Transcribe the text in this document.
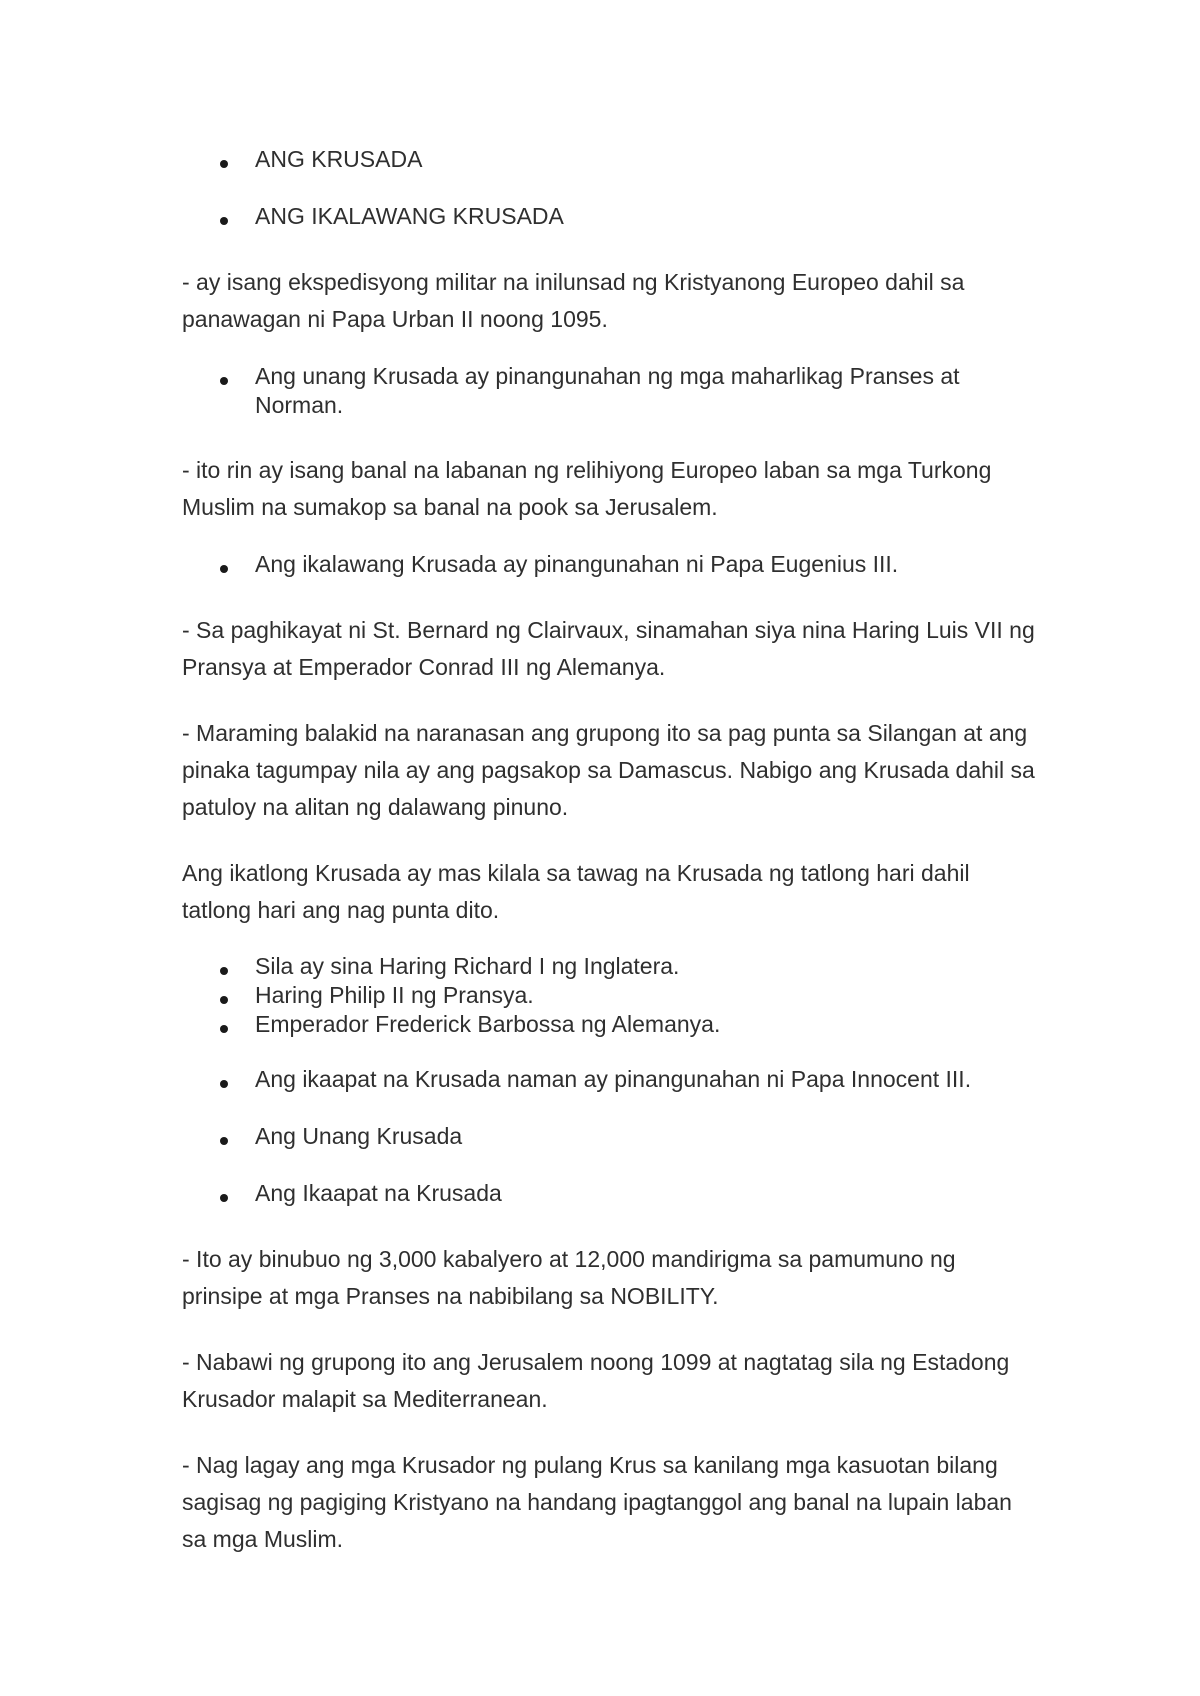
ANG KRUSADA
ANG IKALAWANG KRUSADA

- ay isang ekspedisyong militar na inilunsad ng Kristyanong Europeo dahil sa panawagan ni Papa Urban II noong 1095.

Ang unang Krusada ay pinangunahan ng mga maharlikag Pranses at Norman.

- ito rin ay isang banal na labanan ng relihiyong Europeo laban sa mga Turkong Muslim na sumakop sa banal na pook sa Jerusalem.

Ang ikalawang Krusada ay pinangunahan ni Papa Eugenius III.

- Sa paghikayat ni St. Bernard ng Clairvaux, sinamahan siya nina Haring Luis VII ng Pransya at Emperador Conrad III ng Alemanya.

- Maraming balakid na naranasan ang grupong ito sa pag punta sa Silangan at ang pinaka tagumpay nila ay ang pagsakop sa Damascus. Nabigo ang Krusada dahil sa patuloy na alitan ng dalawang pinuno.

Ang ikatlong Krusada ay mas kilala sa tawag na Krusada ng tatlong hari dahil tatlong hari ang nag punta dito.

Sila ay sina Haring Richard I ng Inglatera.
Haring Philip II ng Pransya.
Emperador Frederick Barbossa ng Alemanya.
Ang ikaapat na Krusada naman ay pinangunahan ni Papa Innocent III.
Ang Unang Krusada
Ang Ikaapat na Krusada

- Ito ay binubuo ng 3,000 kabalyero at 12,000 mandirigma sa pamumuno ng prinsipe at mga Pranses na nabibilang sa NOBILITY.

- Nabawi ng grupong ito ang Jerusalem noong 1099 at nagtatag sila ng Estadong Krusador malapit sa Mediterranean.

- Nag lagay ang mga Krusador ng pulang Krus sa kanilang mga kasuotan bilang sagisag ng pagiging Kristyano na handang ipagtanggol ang banal na lupain laban sa mga Muslim.
